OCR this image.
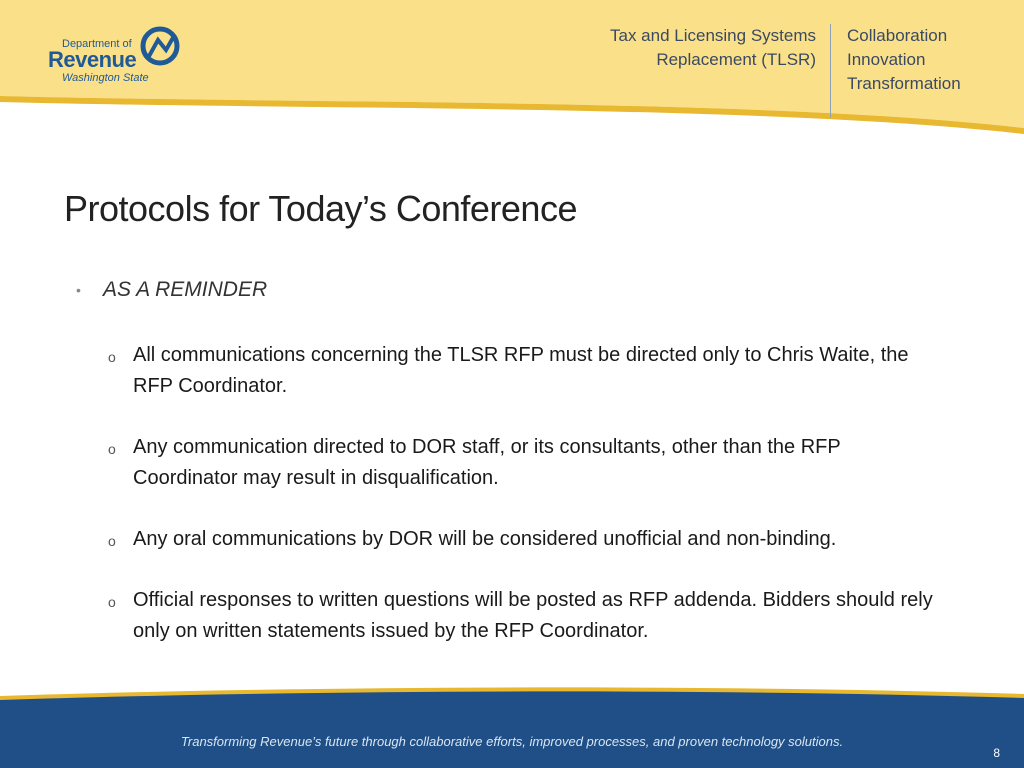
Department of
Revenue
Washington State
Tax and Licensing Systems
Replacement (TLSR)
Collaboration
Innovation
Transformation
Protocols for Today’s Conference
• AS A REMINDER
o All communications concerning the TLSR RFP must be directed only to Chris Waite, the RFP Coordinator.
o Any communication directed to DOR staff, or its consultants, other than the RFP Coordinator may result in disqualification.
o Any oral communications by DOR will be considered unofficial and non-binding.
o Official responses to written questions will be posted as RFP addenda. Bidders should rely only on written statements issued by the RFP Coordinator.
Transforming Revenue’s future through collaborative efforts, improved processes, and proven technology solutions.
8
